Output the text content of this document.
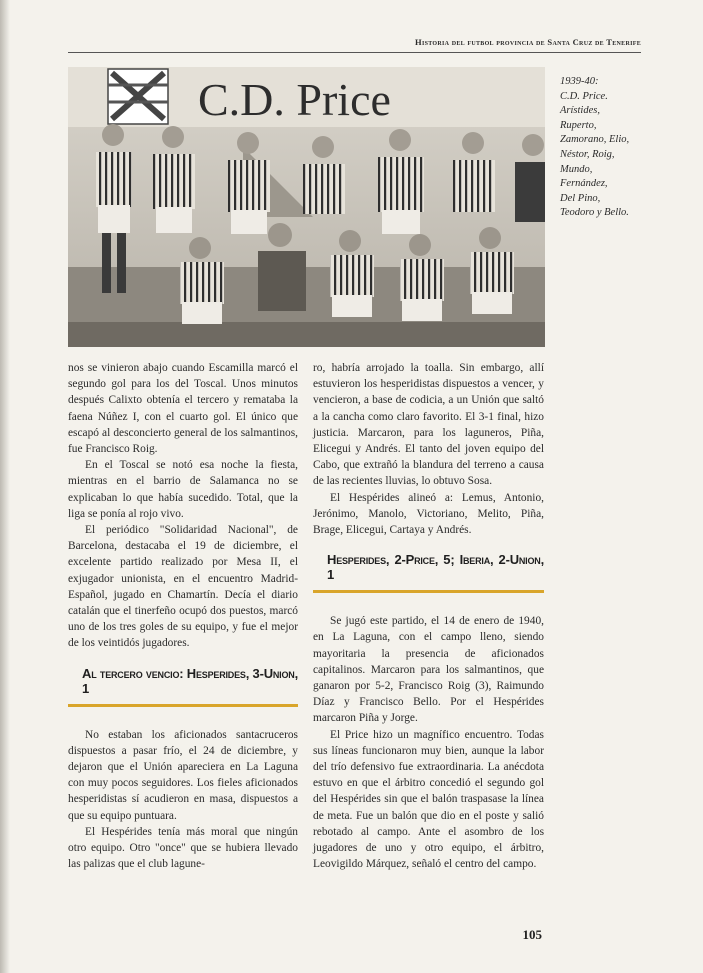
Historia del futbol provincia de Santa Cruz de Tenerife
C.D. Price	1939-40:
C.D. Price.
Arístides,
Ruperto,
Zamorano, Elio,
Néstor, Roig,
Mundo,
Fernández,
Del Pino,
Teodoro y Bello.

nos se vinieron abajo cuando Escamilla marcó el segundo gol para los del Toscal. Unos minutos después Calixto obtenía el tercero y remataba la faena Núñez I, con el cuarto gol. El único que escapó al desconcierto general de los salmantinos, fue Francisco Roig.

En el Toscal se notó esa noche la fiesta, mientras en el barrio de Salamanca no se explicaban lo que había sucedido. Total, que la liga se ponía al rojo vivo.

El periódico "Solidaridad Nacional", de Barcelona, destacaba el 19 de diciembre, el excelente partido realizado por Mesa II, el exjugador unionista, en el encuentro Madrid-Español, jugado en Chamartín. Decía el diario catalán que el tinerfeño ocupó dos puestos, marcó uno de los tres goles de su equipo, y fue el mejor de los veintidós jugadores.

Al tercero vencio: Hesperides, 3-Union, 1

No estaban los aficionados santacruceros dispuestos a pasar frío, el 24 de diciembre, y dejaron que el Unión apareciera en La Laguna con muy pocos seguidores. Los fieles aficionados hesperidistas sí acudieron en masa, dispuestos a que su equipo puntuara.

El Hespérides tenía más moral que ningún otro equipo. Otro "once" que se hubiera llevado las palizas que el club lagune-

ro, habría arrojado la toalla. Sin embargo, allí estuvieron los hesperidistas dispuestos a vencer, y vencieron, a base de codicia, a un Unión que saltó a la cancha como claro favorito. El 3-1 final, hizo justicia. Marcaron, para los laguneros, Piña, Elicegui y Andrés. El tanto del joven equipo del Cabo, que extrañó la blandura del terreno a causa de las recientes lluvias, lo obtuvo Sosa.

El Hespérides alineó a: Lemus, Antonio, Jerónimo, Manolo, Victoriano, Melito, Piña, Brage, Elicegui, Cartaya y Andrés.

Hesperides, 2-Price, 5; Iberia, 2-Union, 1

Se jugó este partido, el 14 de enero de 1940, en La Laguna, con el campo lleno, siendo mayoritaria la presencia de aficionados capitalinos. Marcaron para los salmantinos, que ganaron por 5-2, Francisco Roig (3), Raimundo Díaz y Francisco Bello. Por el Hespérides marcaron Piña y Jorge.

El Price hizo un magnífico encuentro. Todas sus líneas funcionaron muy bien, aunque la labor del trío defensivo fue extraordinaria. La anécdota estuvo en que el árbitro concedió el segundo gol del Hespérides sin que el balón traspasase la línea de meta. Fue un balón que dio en el poste y salió rebotado al campo. Ante el asombro de los jugadores de uno y otro equipo, el árbitro, Leovigildo Márquez, señaló el centro del campo.

105
